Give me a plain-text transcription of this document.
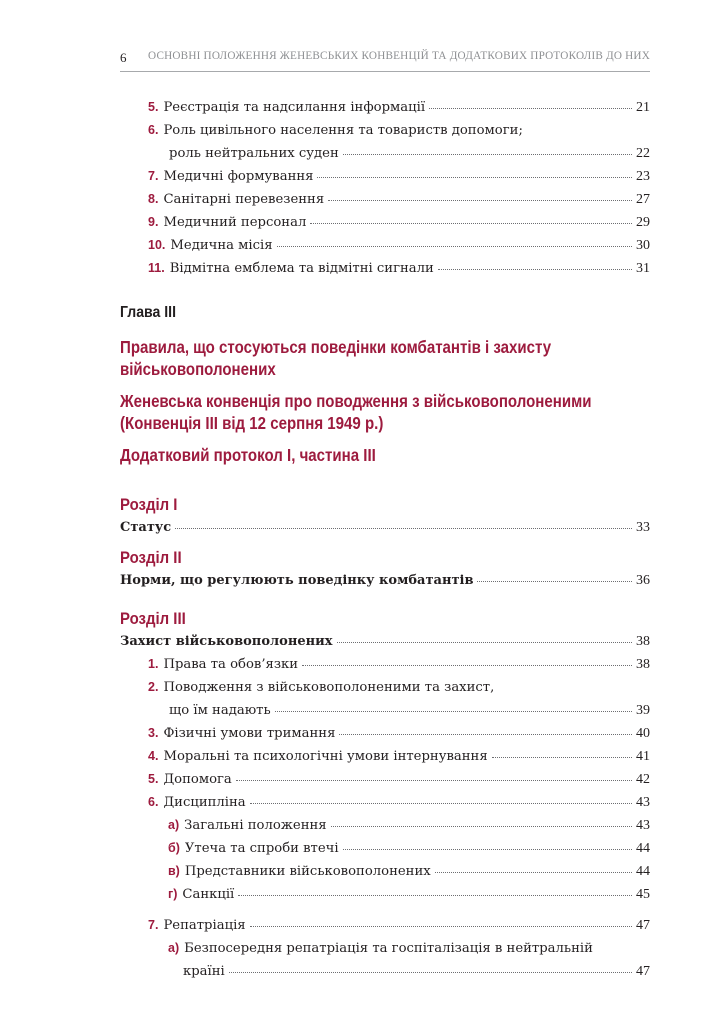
6	ОСНОВНІ ПОЛОЖЕННЯ ЖЕНЕВСЬКИХ КОНВЕНЦІЙ ТА ДОДАТКОВИХ ПРОТОКОЛІВ ДО НИХ
5. Реєстрація та надсилання інформації	21
6. Роль цивільного населення та товариств допомоги;
роль нейтральних суден	22
7. Медичні формування	23
8. Санітарні перевезення	27
9. Медичний персонал	29
10. Медична місія	30
11. Відмітна емблема та відмітні сигнали	31
Глава III
Правила, що стосуються поведінки комбатантів і захисту військовополонених
Женевська конвенція про поводження з військовополоненими (Конвенція III від 12 серпня 1949 р.)
Додатковий протокол I, частина III
Розділ I
Статус	33
Розділ II
Норми, що регулюють поведінку комбатантів	36
Розділ III
Захист військовополонених	38
1. Права та обов’язки	38
2. Поводження з військовополоненими та захист,
що їм надають	39
3. Фізичні умови тримання	40
4. Моральні та психологічні умови інтернування	41
5. Допомога	42
6. Дисципліна	43
а) Загальні положення	43
б) Утеча та спроби втечі	44
в) Представники військовополонених	44
г) Санкції	45
7. Репатріація	47
а) Безпосередня репатріація та госпіталізація в нейтральній
країні	47
